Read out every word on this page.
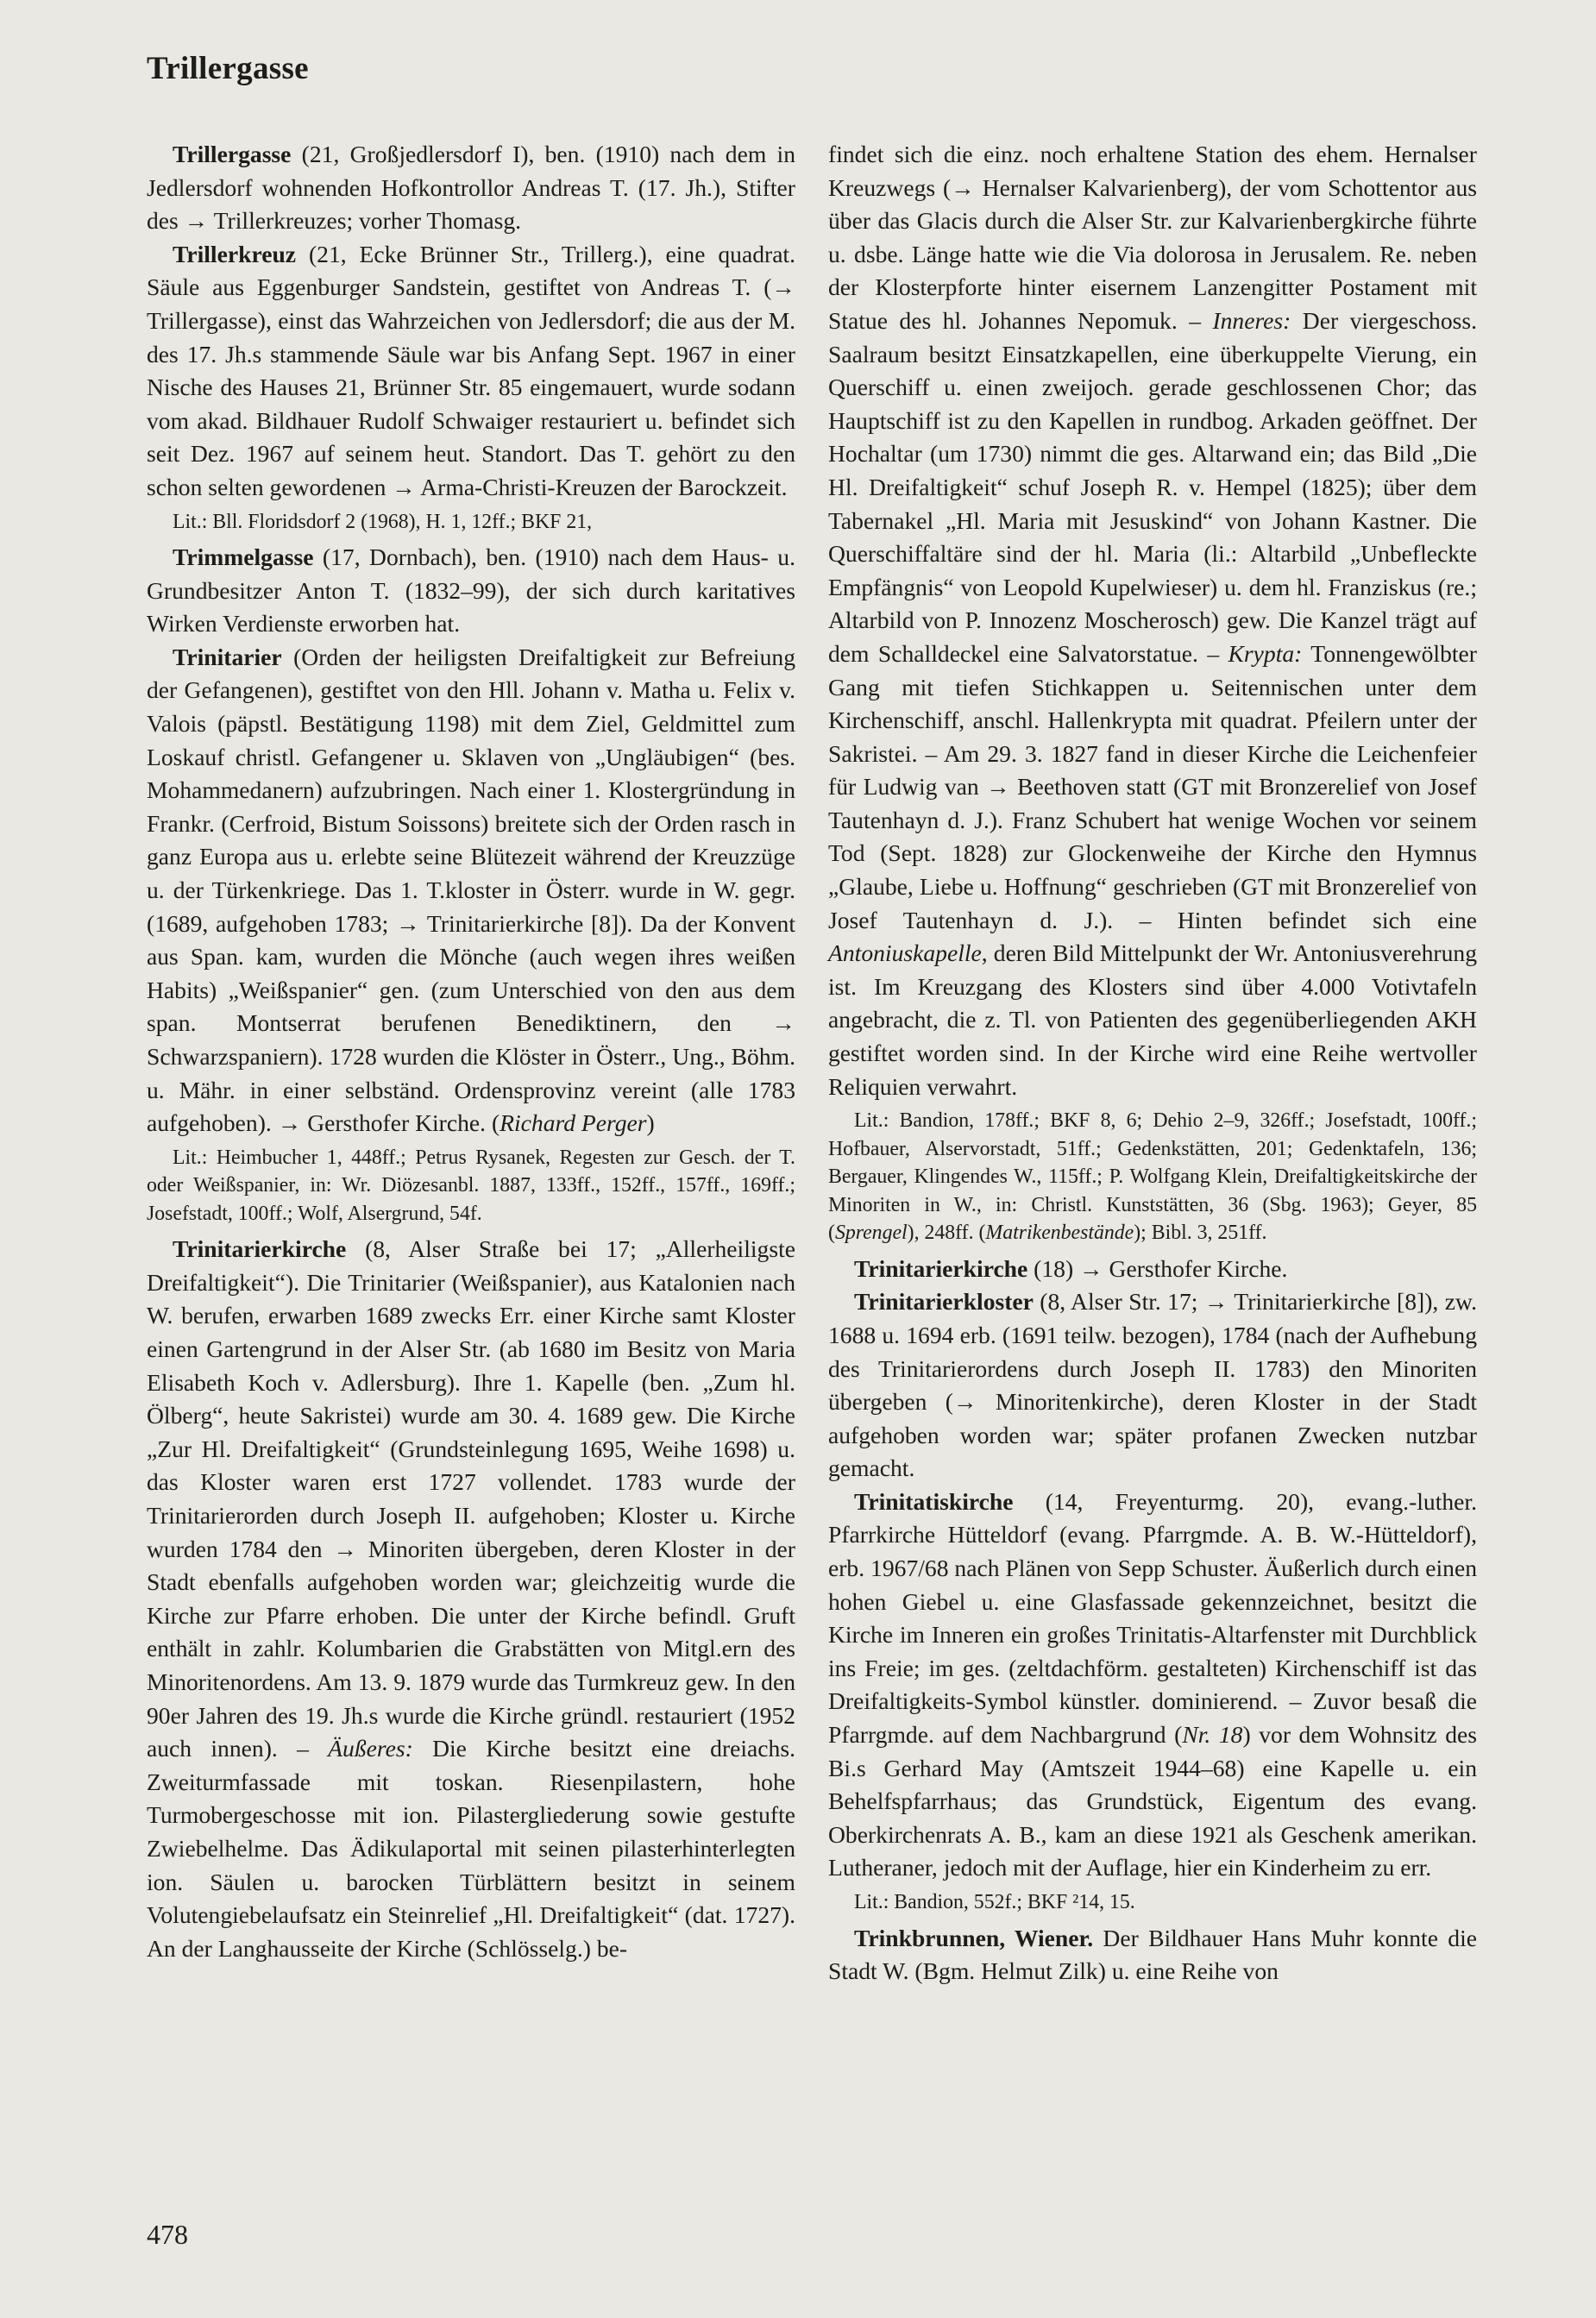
Trillergasse

Trillergasse (21, Großjedlersdorf I), ben. (1910) nach dem in Jedlersdorf wohnenden Hofkontrollor Andreas T. (17. Jh.), Stifter des → Trillerkreuzes; vorher Thomasg.

Trillerkreuz (21, Ecke Brünner Str., Trillerg.), eine quadrat. Säule aus Eggenburger Sandstein, gestiftet von Andreas T. (→ Trillergasse), einst das Wahrzeichen von Jedlersdorf; die aus der M. des 17. Jh.s stammende Säule war bis Anfang Sept. 1967 in einer Nische des Hauses 21, Brünner Str. 85 eingemauert, wurde sodann vom akad. Bildhauer Rudolf Schwaiger restauriert u. befindet sich seit Dez. 1967 auf seinem heut. Standort. Das T. gehört zu den schon selten gewordenen → Arma-Christi-Kreuzen der Barockzeit.

Lit.: Bll. Floridsdorf 2 (1968), H. 1, 12ff.; BKF 21,

Trimmelgasse (17, Dornbach), ben. (1910) nach dem Haus- u. Grundbesitzer Anton T. (1832–99), der sich durch karitatives Wirken Verdienste erworben hat.

Trinitarier (Orden der heiligsten Dreifaltigkeit zur Befreiung der Gefangenen), gestiftet von den Hll. Johann v. Matha u. Felix v. Valois (päpstl. Bestätigung 1198) mit dem Ziel, Geldmittel zum Loskauf christl. Gefangener u. Sklaven von „Ungläubigen“ (bes. Mohammedanern) aufzubringen. Nach einer 1. Klostergründung in Frankr. (Cerfroid, Bistum Soissons) breitete sich der Orden rasch in ganz Europa aus u. erlebte seine Blütezeit während der Kreuzzüge u. der Türkenkriege. Das 1. T.kloster in Österr. wurde in W. gegr. (1689, aufgehoben 1783; → Trinitarierkirche [8]). Da der Konvent aus Span. kam, wurden die Mönche (auch wegen ihres weißen Habits) „Weißspanier“ gen. (zum Unterschied von den aus dem span. Montserrat berufenen Benediktinern, den → Schwarzspaniern). 1728 wurden die Klöster in Österr., Ung., Böhm. u. Mähr. in einer selbständ. Ordensprovinz vereint (alle 1783 aufgehoben). → Gersthofer Kirche. (Richard Perger)

Lit.: Heimbucher 1, 448ff.; Petrus Rysanek, Regesten zur Gesch. der T. oder Weißspanier, in: Wr. Diözesanbl. 1887, 133ff., 152ff., 157ff., 169ff.; Josefstadt, 100ff.; Wolf, Alsergrund, 54f.

Trinitarierkirche (8, Alser Straße bei 17; „Allerheiligste Dreifaltigkeit“). Die Trinitarier (Weißspanier), aus Katalonien nach W. berufen, erwarben 1689 zwecks Err. einer Kirche samt Kloster einen Gartengrund in der Alser Str. (ab 1680 im Besitz von Maria Elisabeth Koch v. Adlersburg). Ihre 1. Kapelle (ben. „Zum hl. Ölberg“, heute Sakristei) wurde am 30. 4. 1689 gew. Die Kirche „Zur Hl. Dreifaltigkeit“ (Grundsteinlegung 1695, Weihe 1698) u. das Kloster waren erst 1727 vollendet. 1783 wurde der Trinitarierorden durch Joseph II. aufgehoben; Kloster u. Kirche wurden 1784 den → Minoriten übergeben, deren Kloster in der Stadt ebenfalls aufgehoben worden war; gleichzeitig wurde die Kirche zur Pfarre erhoben. Die unter der Kirche befindl. Gruft enthält in zahlr. Kolumbarien die Grabstätten von Mitgl.ern des Minoritenordens. Am 13. 9. 1879 wurde das Turmkreuz gew. In den 90er Jahren des 19. Jh.s wurde die Kirche gründl. restauriert (1952 auch innen). – Äußeres: Die Kirche besitzt eine dreiachs. Zweiturmfassade mit toskan. Riesenpilastern, hohe Turmobergeschosse mit ion. Pilastergliederung sowie gestufte Zwiebelhelme. Das Ädikulaportal mit seinen pilasterhinterlegten ion. Säulen u. barocken Türblättern besitzt in seinem Volutengiebelaufsatz ein Steinrelief „Hl. Dreifaltigkeit“ (dat. 1727). An der Langhausseite der Kirche (Schlösselg.) be-

findet sich die einz. noch erhaltene Station des ehem. Hernalser Kreuzwegs (→ Hernalser Kalvarienberg), der vom Schottentor aus über das Glacis durch die Alser Str. zur Kalvarienbergkirche führte u. dsbe. Länge hatte wie die Via dolorosa in Jerusalem. Re. neben der Klosterpforte hinter eisernem Lanzengitter Postament mit Statue des hl. Johannes Nepomuk. – Inneres: Der viergeschoss. Saalraum besitzt Einsatzkapellen, eine überkuppelte Vierung, ein Querschiff u. einen zweijoch. gerade geschlossenen Chor; das Hauptschiff ist zu den Kapellen in rundbog. Arkaden geöffnet. Der Hochaltar (um 1730) nimmt die ges. Altarwand ein; das Bild „Die Hl. Dreifaltigkeit“ schuf Joseph R. v. Hempel (1825); über dem Tabernakel „Hl. Maria mit Jesuskind“ von Johann Kastner. Die Querschiffaltäre sind der hl. Maria (li.: Altarbild „Unbefleckte Empfängnis“ von Leopold Kupelwieser) u. dem hl. Franziskus (re.; Altarbild von P. Innozenz Moscherosch) gew. Die Kanzel trägt auf dem Schalldeckel eine Salvatorstatue. – Krypta: Tonnengewölbter Gang mit tiefen Stichkappen u. Seitennischen unter dem Kirchenschiff, anschl. Hallenkrypta mit quadrat. Pfeilern unter der Sakristei. – Am 29. 3. 1827 fand in dieser Kirche die Leichenfeier für Ludwig van → Beethoven statt (GT mit Bronzerelief von Josef Tautenhayn d. J.). Franz Schubert hat wenige Wochen vor seinem Tod (Sept. 1828) zur Glockenweihe der Kirche den Hymnus „Glaube, Liebe u. Hoffnung“ geschrieben (GT mit Bronzerelief von Josef Tautenhayn d. J.). – Hinten befindet sich eine Antoniuskapelle, deren Bild Mittelpunkt der Wr. Antoniusverehrung ist. Im Kreuzgang des Klosters sind über 4.000 Votivtafeln angebracht, die z. Tl. von Patienten des gegenüberliegenden AKH gestiftet worden sind. In der Kirche wird eine Reihe wertvoller Reliquien verwahrt.

Lit.: Bandion, 178ff.; BKF 8, 6; Dehio 2–9, 326ff.; Josefstadt, 100ff.; Hofbauer, Alservorstadt, 51ff.; Gedenkstätten, 201; Gedenktafeln, 136; Bergauer, Klingendes W., 115ff.; P. Wolfgang Klein, Dreifaltigkeitskirche der Minoriten in W., in: Christl. Kunststätten, 36 (Sbg. 1963); Geyer, 85 (Sprengel), 248ff. (Matrikenbestände); Bibl. 3, 251ff.

Trinitarierkirche (18) → Gersthofer Kirche.

Trinitarierkloster (8, Alser Str. 17; → Trinitarierkirche [8]), zw. 1688 u. 1694 erb. (1691 teilw. bezogen), 1784 (nach der Aufhebung des Trinitarierordens durch Joseph II. 1783) den Minoriten übergeben (→ Minoritenkirche), deren Kloster in der Stadt aufgehoben worden war; später profanen Zwecken nutzbar gemacht.

Trinitatiskirche (14, Freyenturmg. 20), evang.-luther. Pfarrkirche Hütteldorf (evang. Pfarrgmde. A. B. W.-Hütteldorf), erb. 1967/68 nach Plänen von Sepp Schuster. Äußerlich durch einen hohen Giebel u. eine Glasfassade gekennzeichnet, besitzt die Kirche im Inneren ein großes Trinitatis-Altarfenster mit Durchblick ins Freie; im ges. (zeltdachförm. gestalteten) Kirchenschiff ist das Dreifaltigkeits-Symbol künstler. dominierend. – Zuvor besaß die Pfarrgmde. auf dem Nachbargrund (Nr. 18) vor dem Wohnsitz des Bi.s Gerhard May (Amtszeit 1944–68) eine Kapelle u. ein Behelfspfarrhaus; das Grundstück, Eigentum des evang. Oberkirchenrats A. B., kam an diese 1921 als Geschenk amerikan. Lutheraner, jedoch mit der Auflage, hier ein Kinderheim zu err.

Lit.: Bandion, 552f.; BKF ²14, 15.

Trinkbrunnen, Wiener. Der Bildhauer Hans Muhr konnte die Stadt W. (Bgm. Helmut Zilk) u. eine Reihe von

478
